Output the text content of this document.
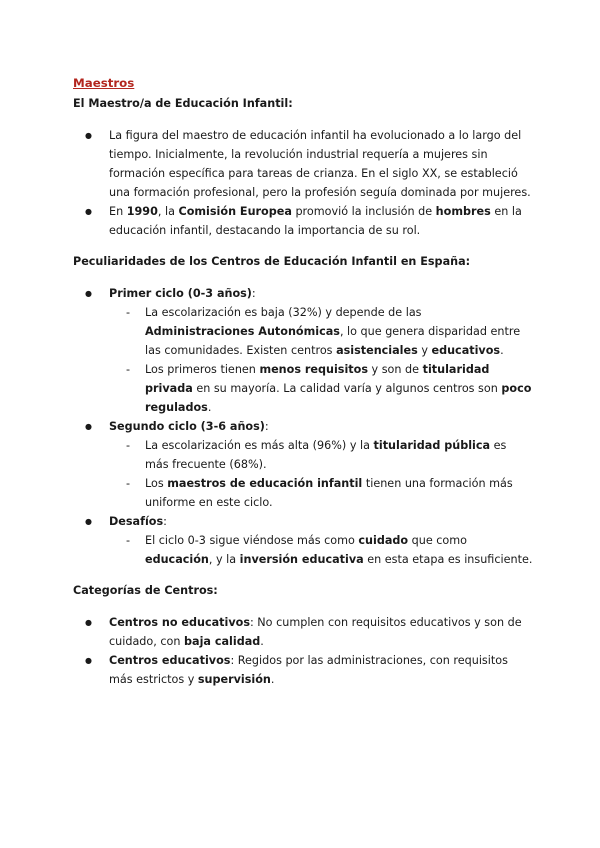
Maestros

El Maestro/a de Educación Infantil:

● La figura del maestro de educación infantil ha evolucionado a lo largo del tiempo. Inicialmente, la revolución industrial requería a mujeres sin formación específica para tareas de crianza. En el siglo XX, se estableció una formación profesional, pero la profesión seguía dominada por mujeres.
● En 1990, la Comisión Europea promovió la inclusión de hombres en la educación infantil, destacando la importancia de su rol.

Peculiaridades de los Centros de Educación Infantil en España:

● Primer ciclo (0-3 años):
- La escolarización es baja (32%) y depende de las Administraciones Autonómicas, lo que genera disparidad entre las comunidades. Existen centros asistenciales y educativos.
- Los primeros tienen menos requisitos y son de titularidad privada en su mayoría. La calidad varía y algunos centros son poco regulados.
● Segundo ciclo (3-6 años):
- La escolarización es más alta (96%) y la titularidad pública es más frecuente (68%).
- Los maestros de educación infantil tienen una formación más uniforme en este ciclo.
● Desafíos:
- El ciclo 0-3 sigue viéndose más como cuidado que como educación, y la inversión educativa en esta etapa es insuficiente.

Categorías de Centros:

● Centros no educativos: No cumplen con requisitos educativos y son de cuidado, con baja calidad.
● Centros educativos: Regidos por las administraciones, con requisitos más estrictos y supervisión.
